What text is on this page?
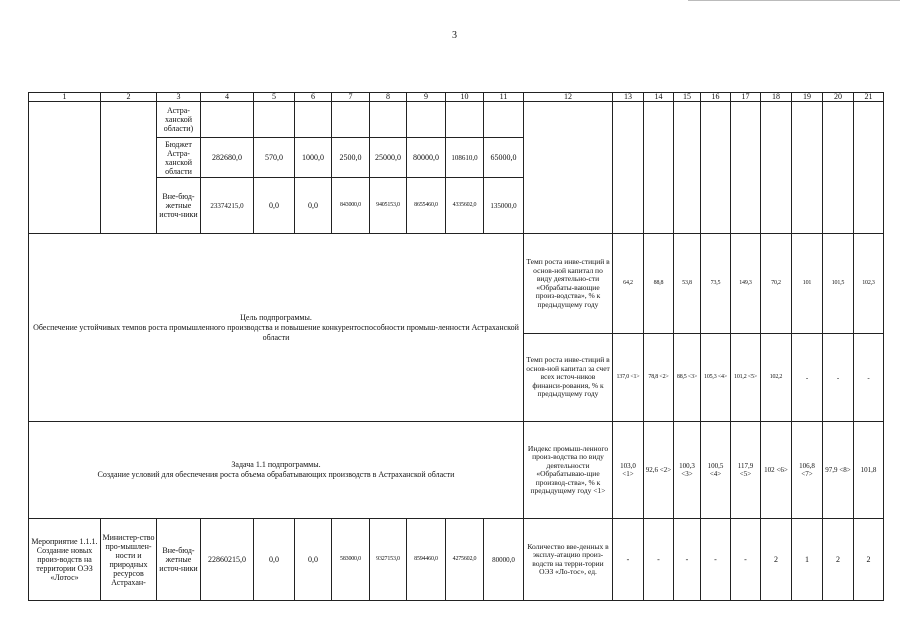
3
1	2	3	4	5	6	7	8	9	10	11	12	13	14	15	16	17	18	19	20	21
		Астра-ханской области)																		
		Бюджет Астра-ханской области	282680,0	570,0	1000,0	2500,0	25000,0	80000,0	108610,0	65000,0										
		Вне-бюд-жетные источ-ники	23374215,0	0,0	0,0	843000,0	9405153,0	8655460,0	4335602,0	135000,0										
Цель подпрограммы.
Обеспечение устойчивых темпов роста промышленного производства и повышение конкурентоспособности промыш-ленности Астраханской области											Темп роста инве-стиций в основ-ной капитал по виду деятельно-сти «Обрабаты-вающие произ-водства», % к предыдущему году	64,2	88,8	53,8	73,5	149,3	70,2	101	101,5	102,3
											Темп роста инве-стиций в основ-ной капитал за счет всех источ-ников финанси-рования, % к предыдущему году	137,0 <1>	78,8 <2>	88,5 <3>	105,3 <4>	101,2 <5>	102,2	-	-	-
Задача 1.1 подпрограммы.
Создание условий для обеспечения роста объема обрабатывающих производств в Астраханской области											Индекс промыш-ленного произ-водства по виду деятельности «Обрабатываю-щие производ-ства», % к предыдущему году <1>	103,0 <1>	92,6 <2>	100,3 <3>	100,5 <4>	117,9 <5>	102 <6>	106,8 <7>	97,9 <8>	101,8
Мероприятие 1.1.1. Создание новых произ-водств на территории ОЭЗ «Лотос»	Министер-ство про-мышлен-ности и природных ресурсов Астрахан-	Вне-бюд-жетные источ-ники	22860215,0	0,0	0,0	583000,0	9327153,0	8594460,0	4275602,0	80000,0	Количество вве-денных в эксплу-атацию произ-водств на терри-тории ОЭЗ «Ло-тос», ед.	-	-	-	-	-	2	1	2	2
